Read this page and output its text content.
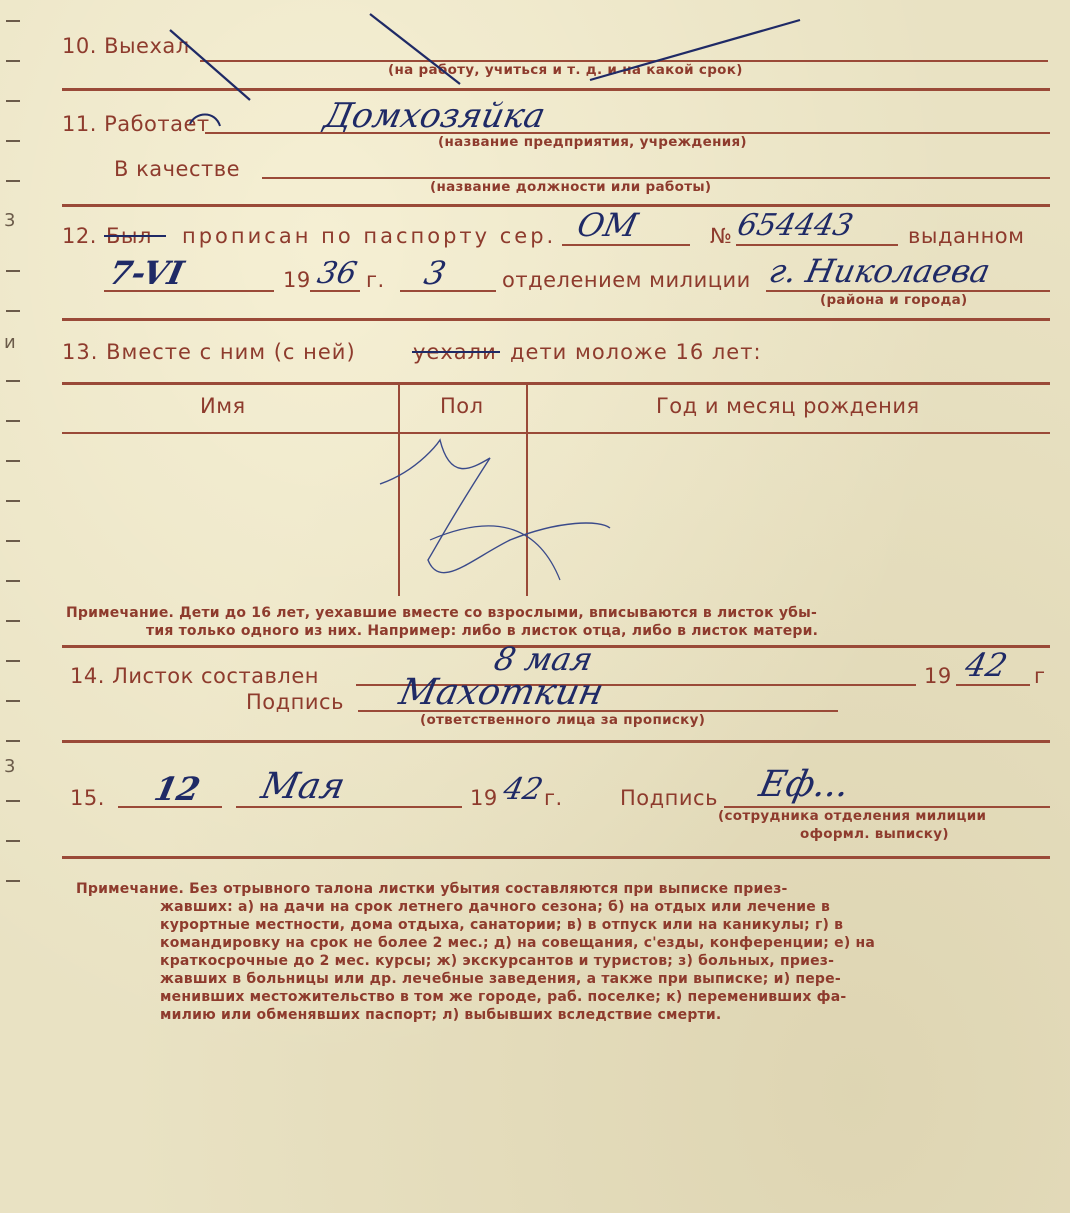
3
и
3
10. Выехал
(на работу, учиться и т. д. и на какой срок)
11. Работает	Домхозяйка
(название предприятия, учреждения)
В качестве
(название должности или работы)
12. Был прописан по паспорту сер. ОМ	№ 654443 выданном
7-VI	19 36 г. 3	отделением милиции г. Николаева
(района и города)
13. Вместе с ним (с ней)	уехали дети моложе 16 лет:
Имя	Пол	Год и месяц рождения
Примечание. Дети до 16 лет, уехавшие вместе со взрослыми, вписываются в листок убы-
тия только одного из них. Например: либо в листок отца, либо в листок матери.
14. Листок составлен	8 мая	19 42 г
Подпись Махоткин
(ответственного лица за прописку)
15. 12 Мая	19 42
г.	Подпись Еф...
(сотрудника отделения милиции
оформл. выписку)
Примечание. Без отрывного талона листки убытия составляются при выписке приез-
жавших: а) на дачи на срок летнего дачного сезона; б) на отдых или лечение в
курортные местности, дома отдыха, санатории; в) в отпуск или на каникулы; г) в
командировку на срок не более 2 мес.; д) на совещания, с'езды, конференции; е) на
краткосрочные до 2 мес. курсы; ж) экскурсантов и туристов; з) больных, приез-
жавших в больницы или др. лечебные заведения, а также при выписке; и) пере-
менивших местожительство в том же городе, раб. поселке; к) переменивших фа-
милию или обменявших паспорт; л) выбывших вследствие смерти.
